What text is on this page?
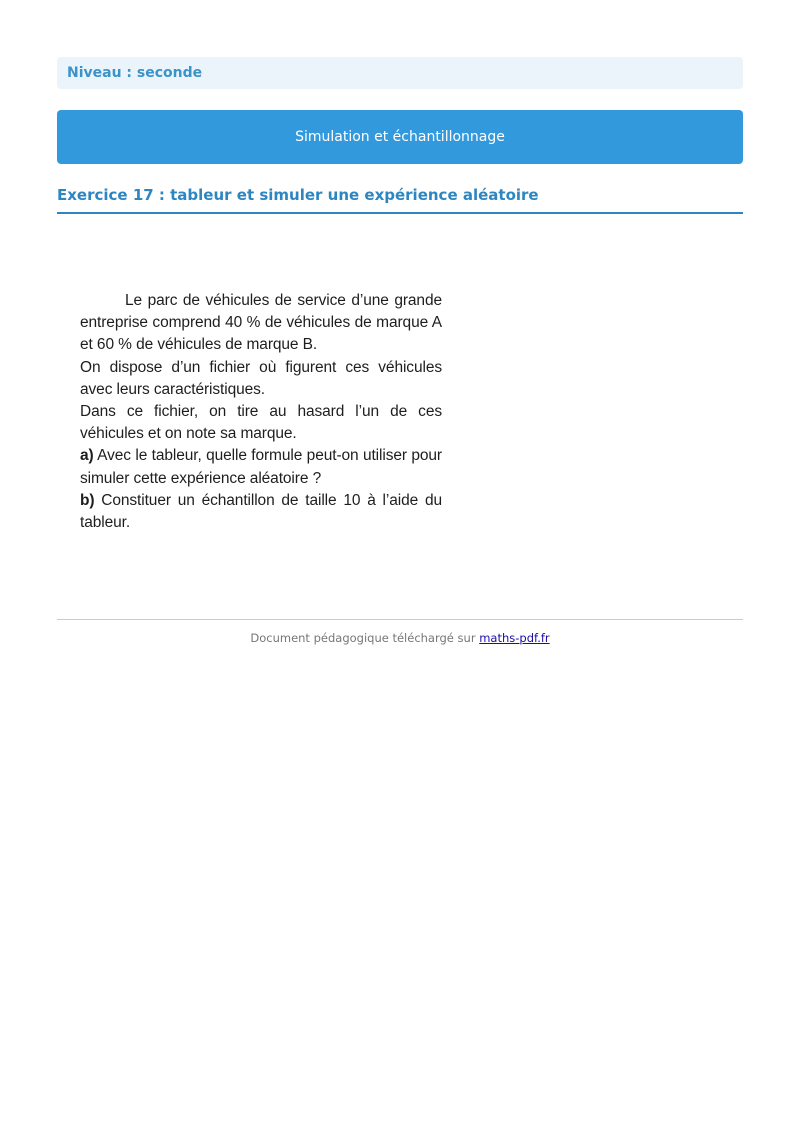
Niveau : seconde
Simulation et échantillonnage
Exercice 17 : tableur et simuler une expérience aléatoire

Le parc de véhicules de service d’une grande entreprise comprend 40 % de véhicules de marque A et 60 % de véhicules de marque B.

On dispose d’un fichier où figurent ces véhicules avec leurs caractéristiques.

Dans ce fichier, on tire au hasard l’un de ces véhicules et on note sa marque.

a) Avec le tableur, quelle formule peut-on utiliser pour simuler cette expérience aléatoire ?

b) Constituer un échantillon de taille 10 à l’aide du tableur.

Document pédagogique téléchargé sur maths-pdf.fr
